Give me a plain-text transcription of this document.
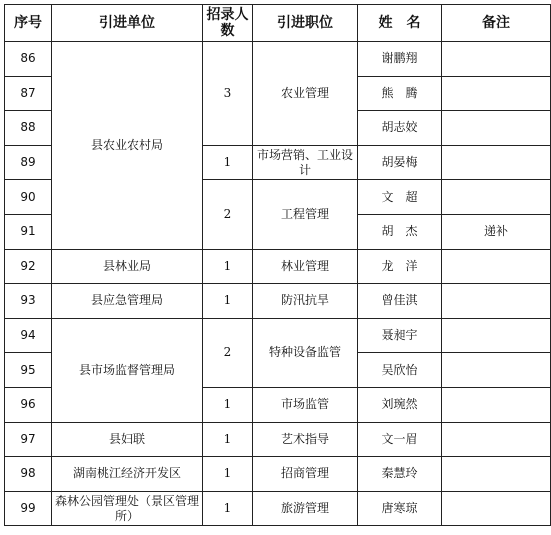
序号	引进单位	招录人数	引进职位	姓　名	备注
86	县农业农村局	3	农业管理	谢鹏翔	
87				熊　腾	
88				胡志姣	
89		1	市场营销、工业设计	胡晏梅	
90		2	工程管理	文　超	
91				胡　杰	递补
92	县林业局	1	林业管理	龙　洋	
93	县应急管理局	1	防汛抗旱	曾佳淇	
94	县市场监督管理局	2	特种设备监管	聂昶宇	
95				吴欣怡	
96		1	市场监管	刘琬然	
97	县妇联	1	艺术指导	文一眉	
98	湖南桃江经济开发区	1	招商管理	秦慧玲	
99	森林公园管理处（景区管理所）	1	旅游管理	唐寒琼	
